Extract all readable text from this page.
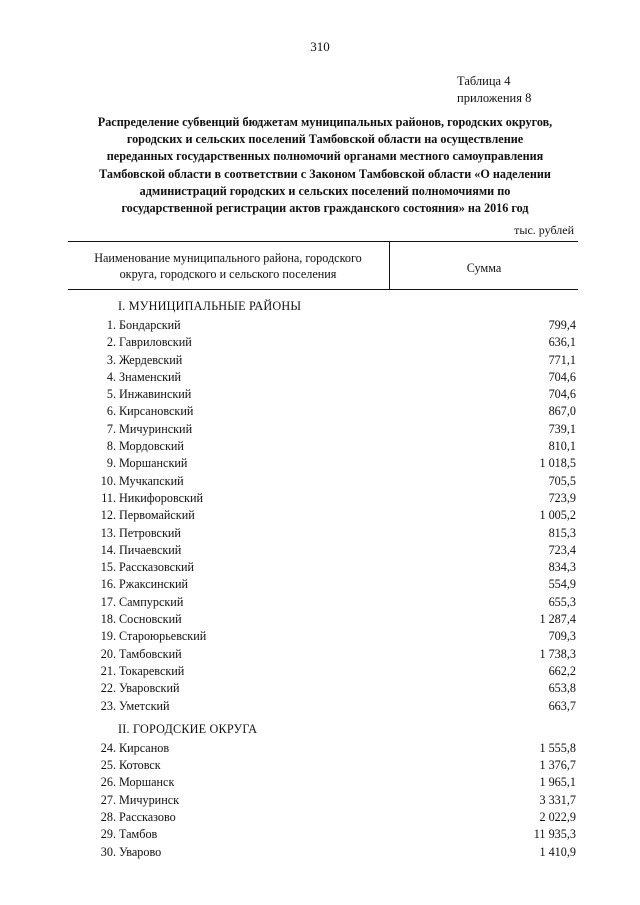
310
Таблица 4
приложения 8
Распределение субвенций бюджетам муниципальных районов, городских округов,
городских и сельских поселений Тамбовской области на осуществление
переданных государственных полномочий органами местного самоуправления
Тамбовской области в соответствии с Законом Тамбовской области «О наделении
администраций городских и сельских поселений полномочиями по
государственной регистрации актов гражданского состояния» на 2016 год
тыс. рублей
Наименование муниципального района, городского
округа, городского и сельского поселения	Сумма
I. МУНИЦИПАЛЬНЫЕ РАЙОНЫ
1. Бондарский	799,4
2. Гавриловский	636,1
3. Жердевский	771,1
4. Знаменский	704,6
5. Инжавинский	704,6
6. Кирсановский	867,0
7. Мичуринский	739,1
8. Мордовский	810,1
9. Моршанский	1 018,5
10. Мучкапский	705,5
11. Никифоровский	723,9
12. Первомайский	1 005,2
13. Петровский	815,3
14. Пичаевский	723,4
15. Рассказовский	834,3
16. Ржаксинский	554,9
17. Сампурский	655,3
18. Сосновский	1 287,4
19. Староюрьевский	709,3
20. Тамбовский	1 738,3
21. Токаревский	662,2
22. Уваровский	653,8
23. Уметский	663,7
II. ГОРОДСКИЕ ОКРУГА
24. Кирсанов	1 555,8
25. Котовск	1 376,7
26. Моршанск	1 965,1
27. Мичуринск	3 331,7
28. Рассказово	2 022,9
29. Тамбов	11 935,3
30. Уварово	1 410,9
